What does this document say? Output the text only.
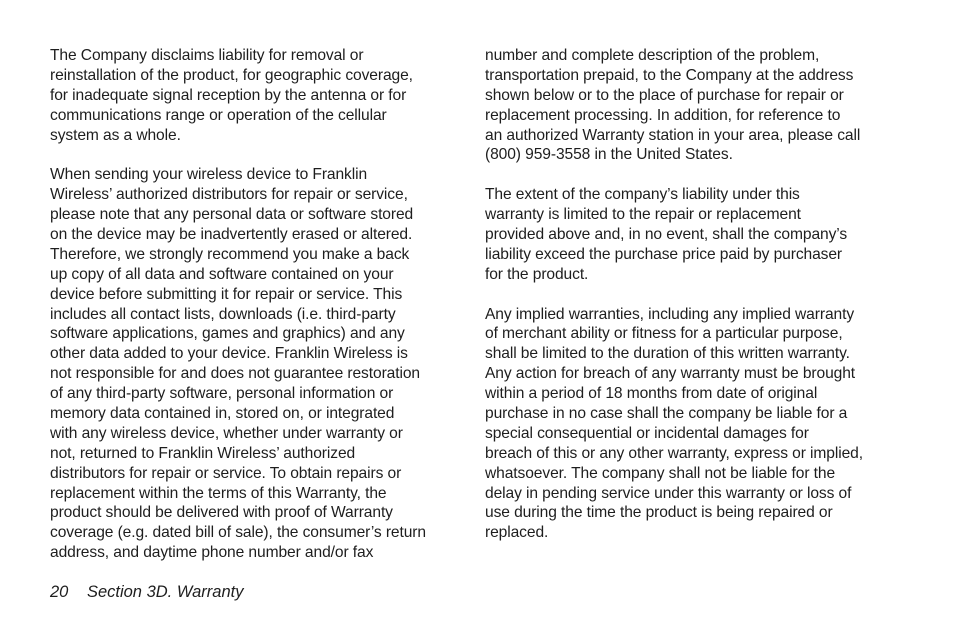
The Company disclaims liability for removal or
reinstallation of the product, for geographic coverage,
for inadequate signal reception by the antenna or for
communications range or operation of the cellular
system as a whole.
When sending your wireless device to Franklin
Wireless’ authorized distributors for repair or service,
please note that any personal data or software stored
on the device may be inadvertently erased or altered.
Therefore, we strongly recommend you make a back
up copy of all data and software contained on your
device before submitting it for repair or service. This
includes all contact lists, downloads (i.e. third-party
software applications, games and graphics) and any
other data added to your device. Franklin Wireless is
not responsible for and does not guarantee restoration
of any third-party software, personal information or
memory data contained in, stored on, or integrated
with any wireless device, whether under warranty or
not, returned to Franklin Wireless’ authorized
distributors for repair or service. To obtain repairs or
replacement within the terms of this Warranty, the
product should be delivered with proof of Warranty
coverage (e.g. dated bill of sale), the consumer’s return
address, and daytime phone number and/or fax
number and complete description of the problem,
transportation prepaid, to the Company at the address
shown below or to the place of purchase for repair or
replacement processing. In addition, for reference to
an authorized Warranty station in your area, please call
(800) 959-3558 in the United States.
The extent of the company’s liability under this
warranty is limited to the repair or replacement
provided above and, in no event, shall the company’s
liability exceed the purchase price paid by purchaser
for the product.
Any implied warranties, including any implied warranty
of merchant ability or fitness for a particular purpose,
shall be limited to the duration of this written warranty.
Any action for breach of any warranty must be brought
within a period of 18 months from date of original
purchase in no case shall the company be liable for a
special consequential or incidental damages for
breach of this or any other warranty, express or implied,
whatsoever. The company shall not be liable for the
delay in pending service under this warranty or loss of
use during the time the product is being repaired or
replaced.
20 Section 3D. Warranty
